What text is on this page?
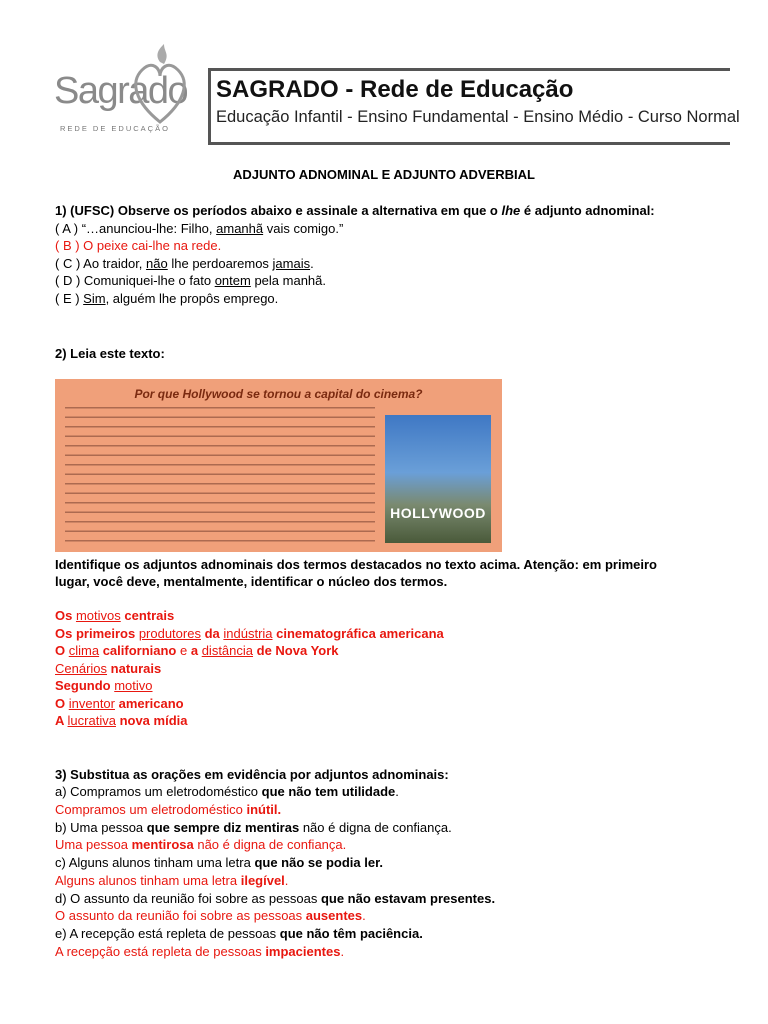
Sagrado
REDE DE EDUCAÇÃO
SAGRADO - Rede de Educação
Educação Infantil - Ensino Fundamental - Ensino Médio - Curso Normal
ADJUNTO ADNOMINAL E ADJUNTO ADVERBIAL
1) (UFSC) Observe os períodos abaixo e assinale a alternativa em que o lhe é adjunto adnominal:
( A ) “…anunciou-lhe: Filho, amanhã vais comigo.”
( B ) O peixe cai-lhe na rede.
( C ) Ao traidor, não lhe perdoaremos jamais.
( D ) Comuniquei-lhe o fato ontem pela manhã.
( E ) Sim, alguém lhe propôs emprego.
2) Leia este texto:
Por que Hollywood se tornou a capital do cinema?
HOLLYWOOD
Identifique os adjuntos adnominais dos termos destacados no texto acima. Atenção: em primeiro
lugar, você deve, mentalmente, identificar o núcleo dos termos.
Os motivos centrais
Os primeiros produtores da indústria cinematográfica americana
O clima californiano e a distância de Nova York
Cenários naturais
Segundo motivo
O inventor americano
A lucrativa nova mídia
3) Substitua as orações em evidência por adjuntos adnominais:
a) Compramos um eletrodoméstico que não tem utilidade.
Compramos um eletrodoméstico inútil.
b) Uma pessoa que sempre diz mentiras não é digna de confiança.
Uma pessoa mentirosa não é digna de confiança.
c) Alguns alunos tinham uma letra que não se podia ler.
Alguns alunos tinham uma letra ilegível.
d) O assunto da reunião foi sobre as pessoas que não estavam presentes.
O assunto da reunião foi sobre as pessoas ausentes.
e) A recepção está repleta de pessoas que não têm paciência.
A recepção está repleta de pessoas impacientes.
